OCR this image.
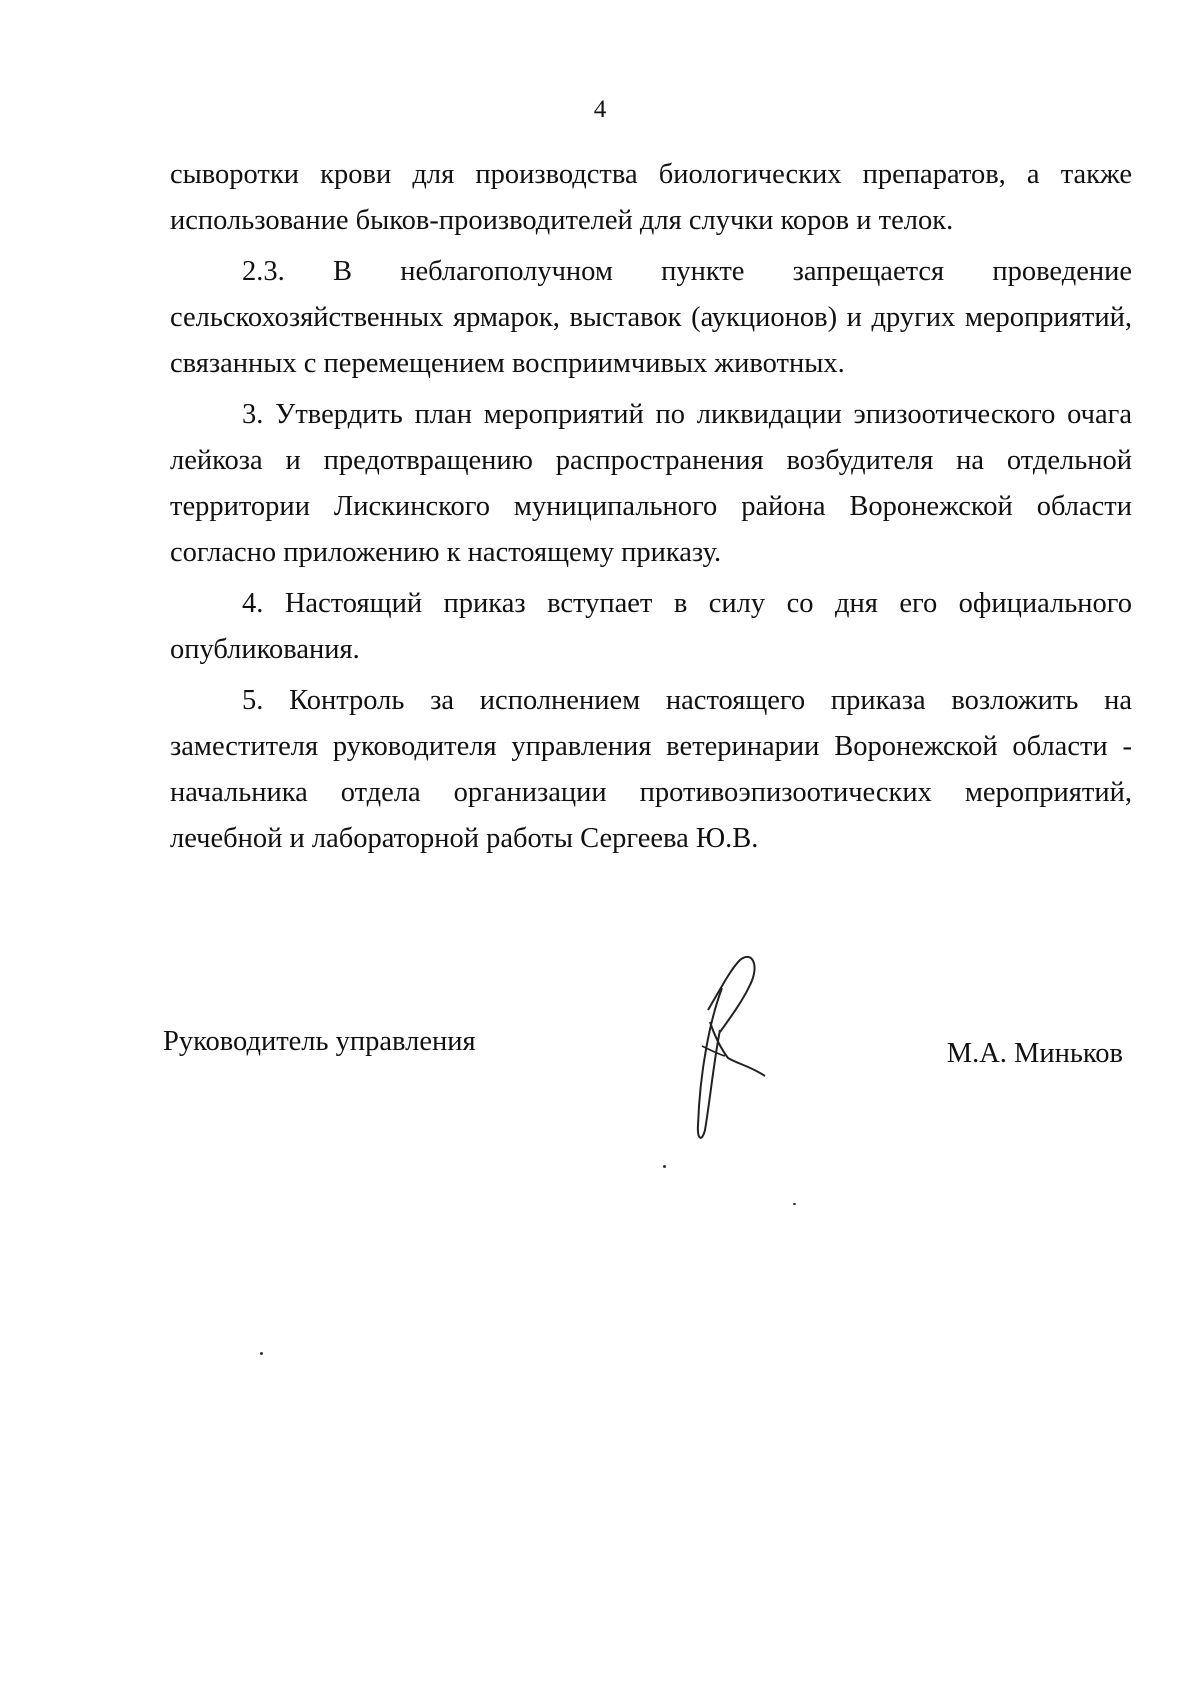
4

сыворотки крови для производства биологических препаратов, а также использование быков-производителей для случки коров и телок.

2.3. В неблагополучном пункте запрещается проведение сельскохозяйственных ярмарок, выставок (аукционов) и других мероприятий, связанных с перемещением восприимчивых животных.

3. Утвердить план мероприятий по ликвидации эпизоотического очага лейкоза и предотвращению распространения возбудителя на отдельной территории Лискинского муниципального района Воронежской области согласно приложению к настоящему приказу.

4. Настоящий приказ вступает в силу со дня его официального опубликования.

5. Контроль за исполнением настоящего приказа возложить на заместителя руководителя управления ветеринарии Воронежской области - начальника отдела организации противоэпизоотических мероприятий, лечебной и лабораторной работы Сергеева Ю.В.

Руководитель управления	М.А. Миньков
